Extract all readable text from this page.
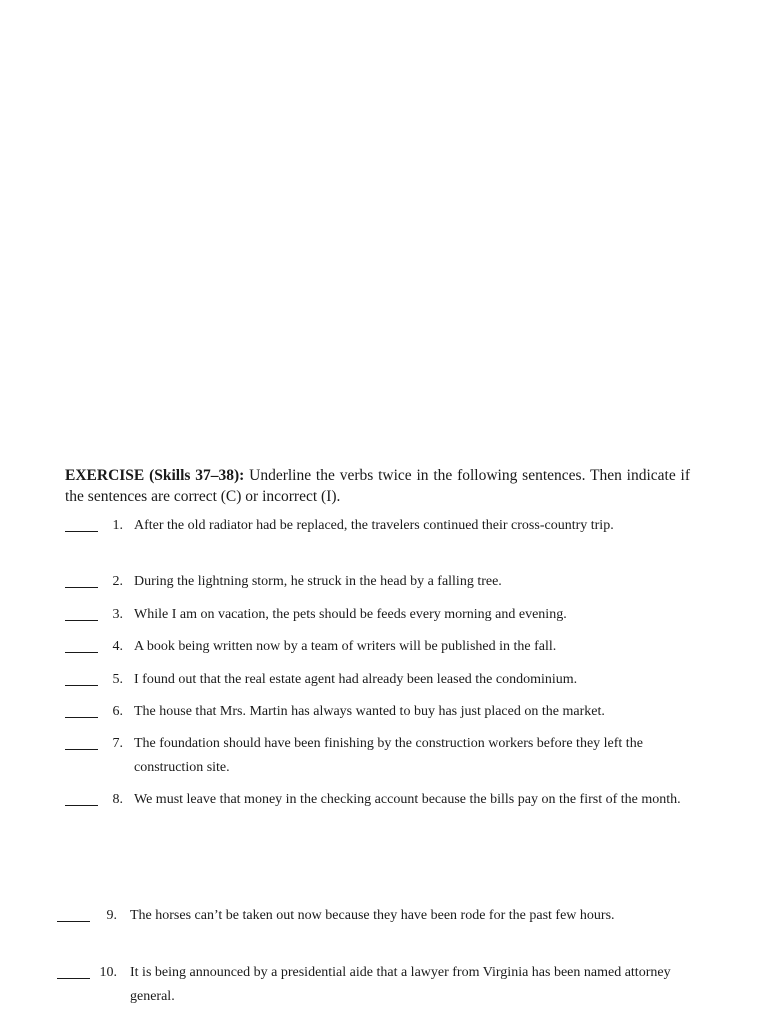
EXERCISE (Skills 37–38): Underline the verbs twice in the following sentences. Then indicate if the sentences are correct (C) or incorrect (I).
1. After the old radiator had be replaced, the travelers continued their cross-country trip.
2. During the lightning storm, he struck in the head by a falling tree.
3. While I am on vacation, the pets should be feeds every morning and evening.
4. A book being written now by a team of writers will be published in the fall.
5. I found out that the real estate agent had already been leased the condominium.
6. The house that Mrs. Martin has always wanted to buy has just placed on the market.
7. The foundation should have been finishing by the construction workers before they left the construction site.
8. We must leave that money in the checking account because the bills pay on the first of the month.
9. The horses can’t be taken out now because they have been rode for the past few hours.
10. It is being announced by a presidential aide that a lawyer from Virginia has been named attorney general.
